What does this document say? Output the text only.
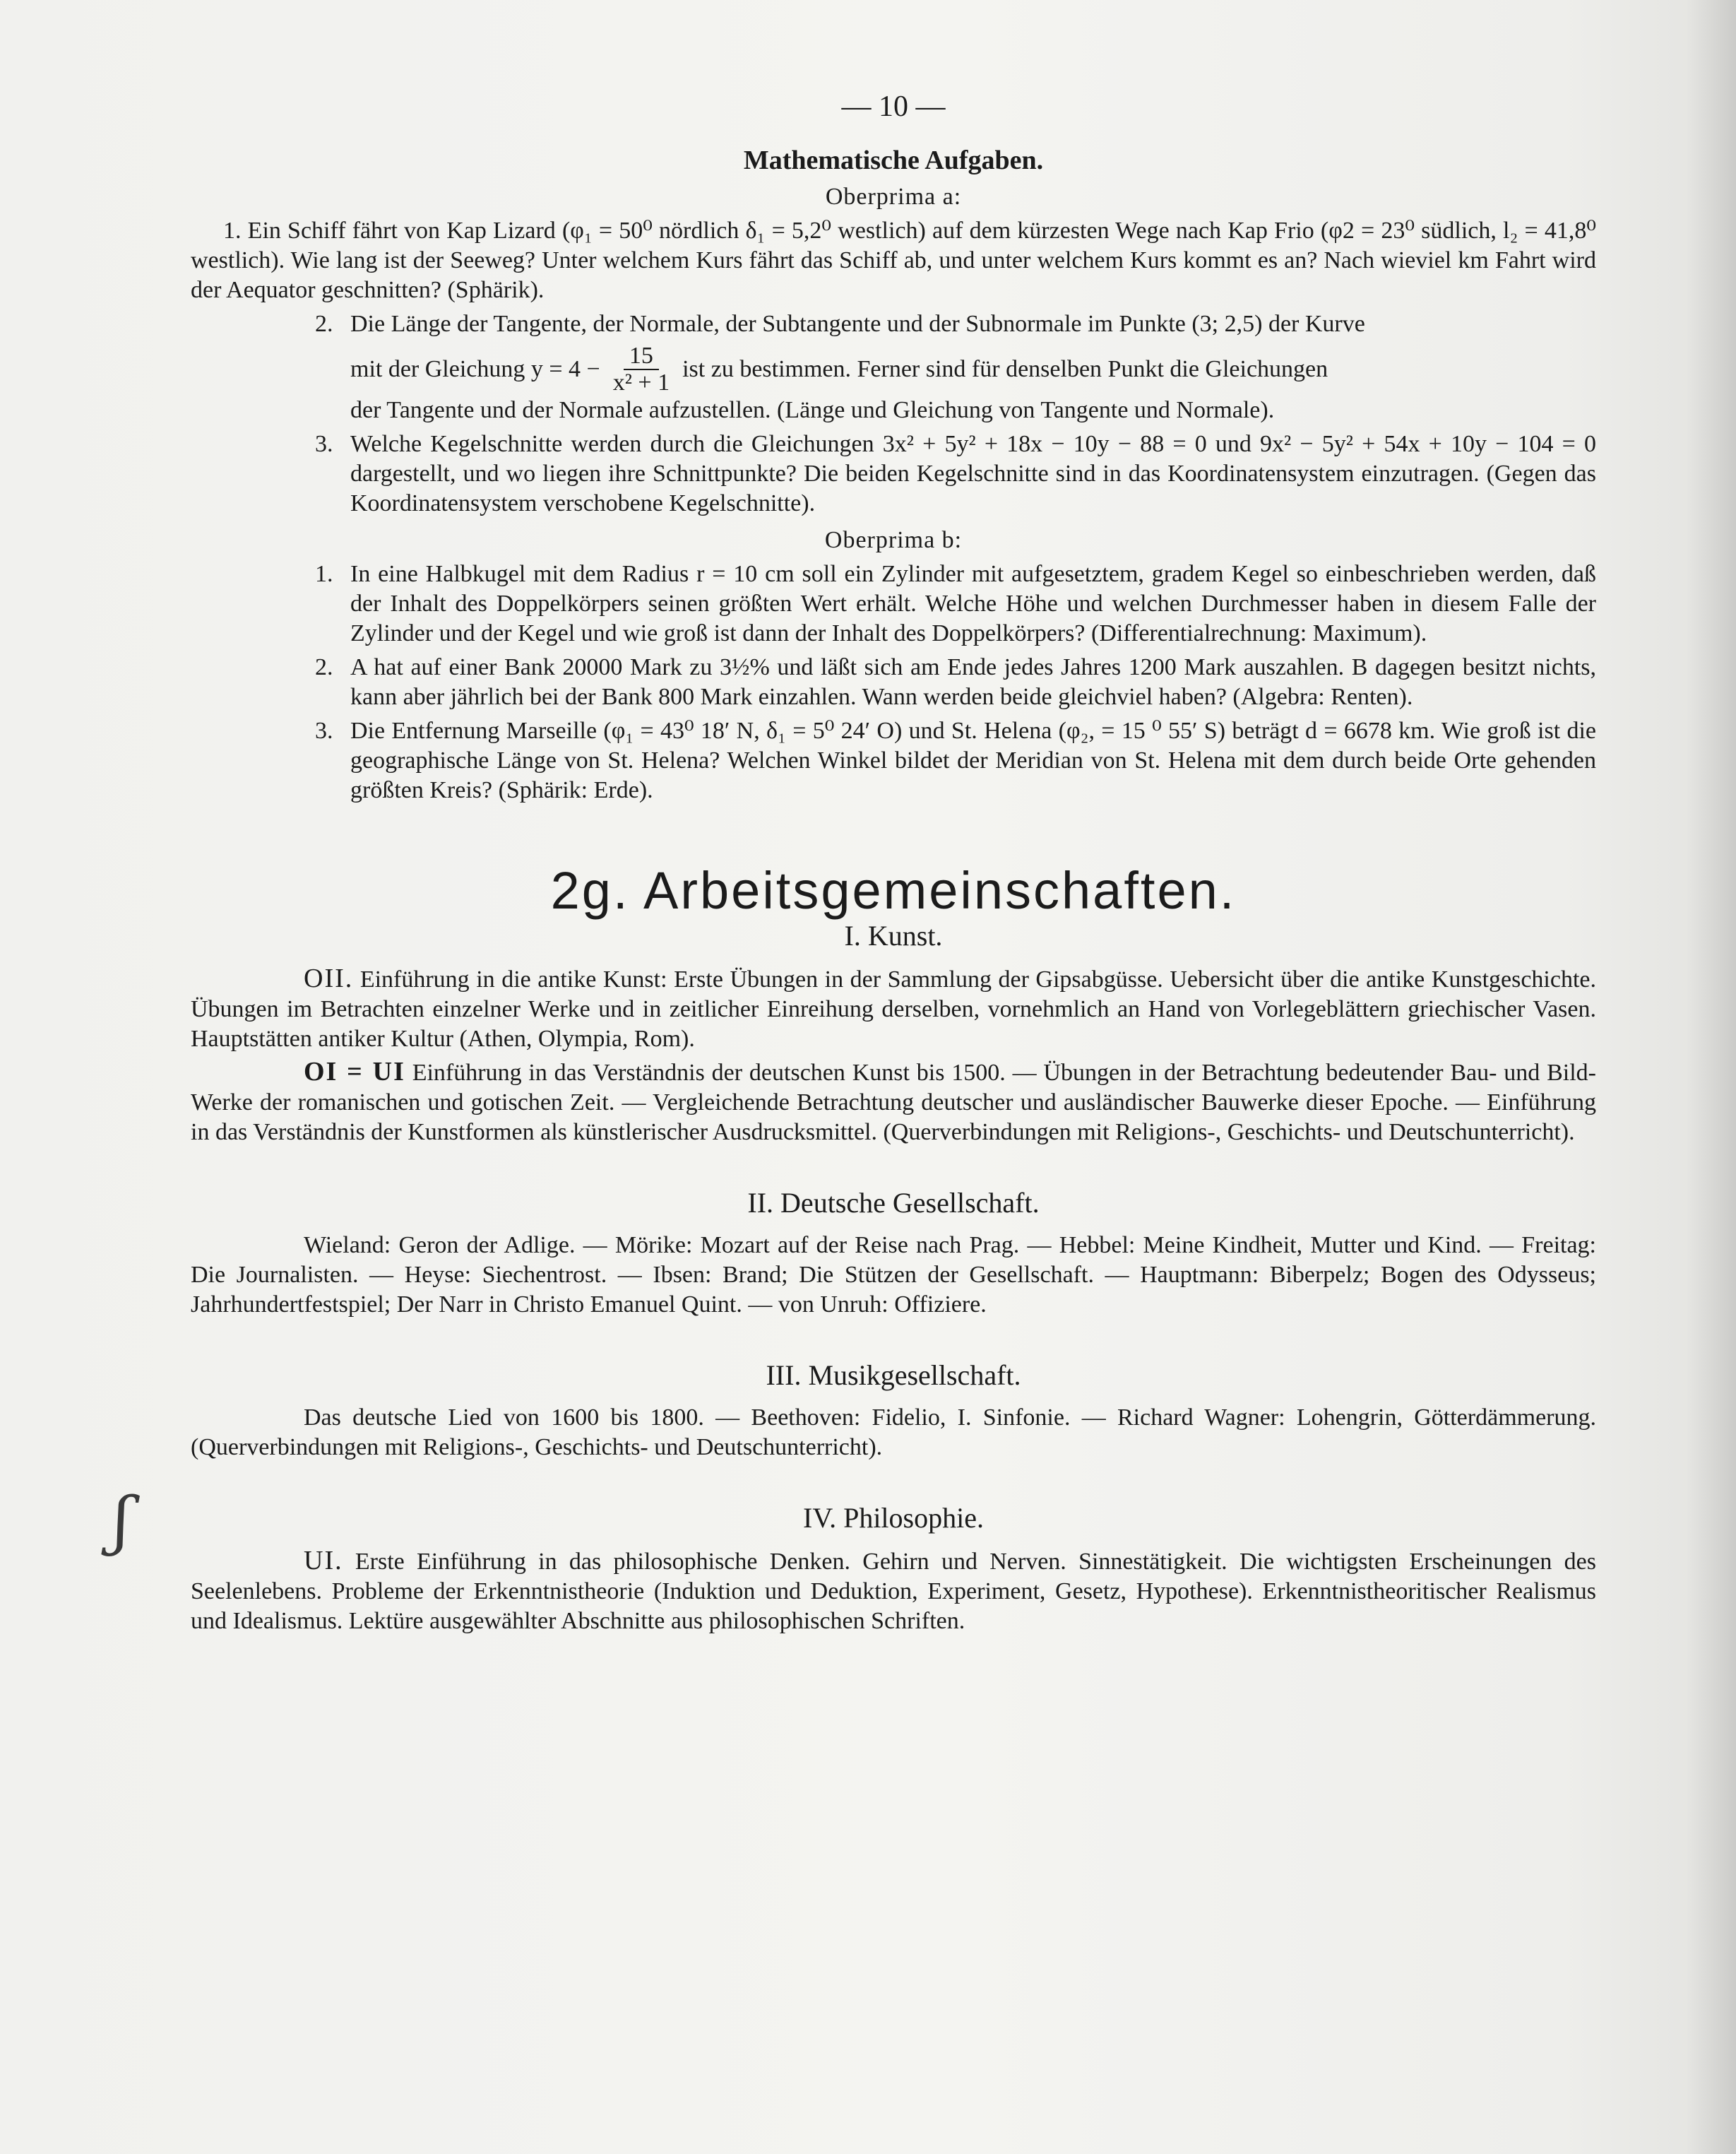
ʃ
— 10 —
Mathematische Aufgaben.
Oberprima a:
1. Ein Schiff fährt von Kap Lizard (φ₁ = 50⁰ nördlich δ₁ = 5,2⁰ westlich) auf dem kürzesten Wege nach Kap Frio (φ2 = 23⁰ südlich, l₂ = 41,8⁰ westlich). Wie lang ist der Seeweg? Unter welchem Kurs fährt das Schiff ab, und unter welchem Kurs kommt es an? Nach wieviel km Fahrt wird der Aequator geschnitten? (Sphärik).
2. Die Länge der Tangente, der Normale, der Subtangente und der Subnormale im Punkte (3; 2,5) der Kurve
mit der Gleichung $y = 4 - \frac{15}{\text{x² + 1}}$ ist zu bestimmen. Ferner sind für denselben Punkt die Gleichungen
der Tangente und der Normale aufzustellen. (Länge und Gleichung von Tangente und Normale).
3. Welche Kegelschnitte werden durch die Gleichungen 3x² + 5y² + 18x − 10y − 88 = 0 und 9x² − 5y² + 54x + 10y − 104 = 0 dargestellt, und wo liegen ihre Schnittpunkte? Die beiden Kegelschnitte sind in das Koordinatensystem einzutragen. (Gegen das Koordinatensystem verschobene Kegelschnitte).
Oberprima b:
1. In eine Halbkugel mit dem Radius r = 10 cm soll ein Zylinder mit aufgesetztem, gradem Kegel so einbeschrieben werden, daß der Inhalt des Doppelkörpers seinen größten Wert erhält. Welche Höhe und welchen Durchmesser haben in diesem Falle der Zylinder und der Kegel und wie groß ist dann der Inhalt des Doppelkörpers? (Differentialrechnung: Maximum).
2. A hat auf einer Bank 20000 Mark zu 3½% und läßt sich am Ende jedes Jahres 1200 Mark auszahlen. B dagegen besitzt nichts, kann aber jährlich bei der Bank 800 Mark einzahlen. Wann werden beide gleichviel haben? (Algebra: Renten).
3. Die Entfernung Marseille (φ₁ = 43⁰ 18′ N, δ₁ = 5⁰ 24′ O) und St. Helena (φ₂, = 15 ⁰ 55′ S) beträgt d = 6678 km. Wie groß ist die geographische Länge von St. Helena? Welchen Winkel bildet der Meridian von St. Helena mit dem durch beide Orte gehenden größten Kreis? (Sphärik: Erde).
2g. Arbeitsgemeinschaften.
I. Kunst.
OII. Einführung in die antike Kunst: Erste Übungen in der Sammlung der Gipsabgüsse. Uebersicht über die antike Kunstgeschichte. Übungen im Betrachten einzelner Werke und in zeitlicher Einreihung derselben, vornehmlich an Hand von Vorlegeblättern griechischer Vasen. Hauptstätten antiker Kultur (Athen, Olympia, Rom).
OI = UI Einführung in das Verständnis der deutschen Kunst bis 1500. — Übungen in der Betrachtung bedeutender Bau- und Bild-Werke der romanischen und gotischen Zeit. — Vergleichende Betrachtung deutscher und ausländischer Bauwerke dieser Epoche. — Einführung in das Verständnis der Kunstformen als künstlerischer Ausdrucksmittel. (Querverbindungen mit Religions-, Geschichts- und Deutschunterricht).
II. Deutsche Gesellschaft.
Wieland: Geron der Adlige. — Mörike: Mozart auf der Reise nach Prag. — Hebbel: Meine Kindheit, Mutter und Kind. — Freitag: Die Journalisten. — Heyse: Siechentrost. — Ibsen: Brand; Die Stützen der Gesellschaft. — Hauptmann: Biberpelz; Bogen des Odysseus; Jahrhundertfestspiel; Der Narr in Christo Emanuel Quint. — von Unruh: Offiziere.
III. Musikgesellschaft.
Das deutsche Lied von 1600 bis 1800. — Beethoven: Fidelio, I. Sinfonie. — Richard Wagner: Lohengrin, Götterdämmerung. (Querverbindungen mit Religions-, Geschichts- und Deutschunterricht).
IV. Philosophie.
UI. Erste Einführung in das philosophische Denken. Gehirn und Nerven. Sinnestätigkeit. Die wichtigsten Erscheinungen des Seelenlebens. Probleme der Erkenntnistheorie (Induktion und Deduktion, Experiment, Gesetz, Hypothese). Erkenntnistheoritischer Realismus und Idealismus. Lektüre ausgewählter Abschnitte aus philosophischen Schriften.
